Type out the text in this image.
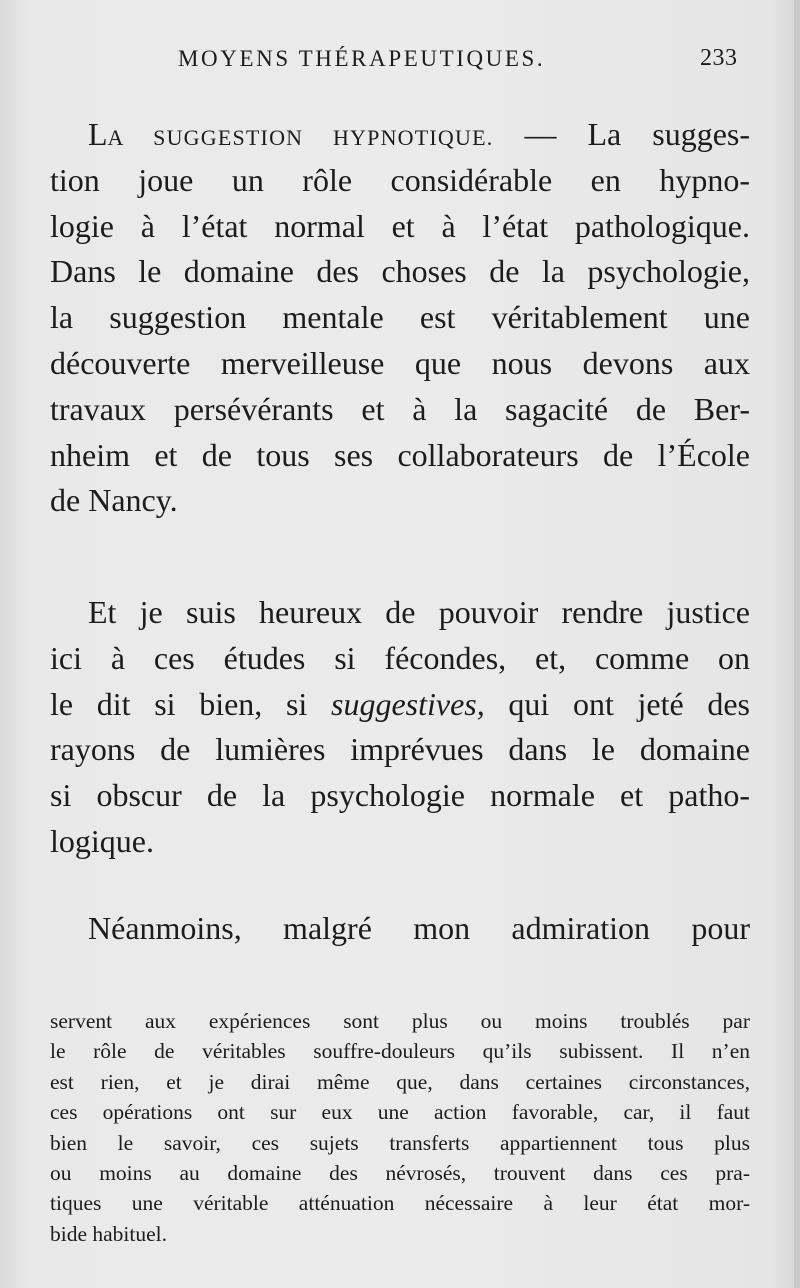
MOYENS THÉRAPEUTIQUES.	233
LA SUGGESTION HYPNOTIQUE. — La sugges-
tion joue un rôle considérable en hypno-
logie à l’état normal et à l’état pathologique.
Dans le domaine des choses de la psychologie,
la suggestion mentale est véritablement une
découverte merveilleuse que nous devons aux
travaux persévérants et à la sagacité de Ber-
nheim et de tous ses collaborateurs de l’École
de Nancy.
Et je suis heureux de pouvoir rendre justice
ici à ces études si fécondes, et, comme on
le dit si bien, si suggestives, qui ont jeté des
rayons de lumières imprévues dans le domaine
si obscur de la psychologie normale et patho-
logique.
Néanmoins, malgré mon admiration pour
servent aux expériences sont plus ou moins troublés par
le rôle de véritables souffre-douleurs qu’ils subissent. Il n’en
est rien, et je dirai même que, dans certaines circonstances,
ces opérations ont sur eux une action favorable, car, il faut
bien le savoir, ces sujets transferts appartiennent tous plus
ou moins au domaine des névrosés, trouvent dans ces pra-
tiques une véritable atténuation nécessaire à leur état mor-
bide habituel.
